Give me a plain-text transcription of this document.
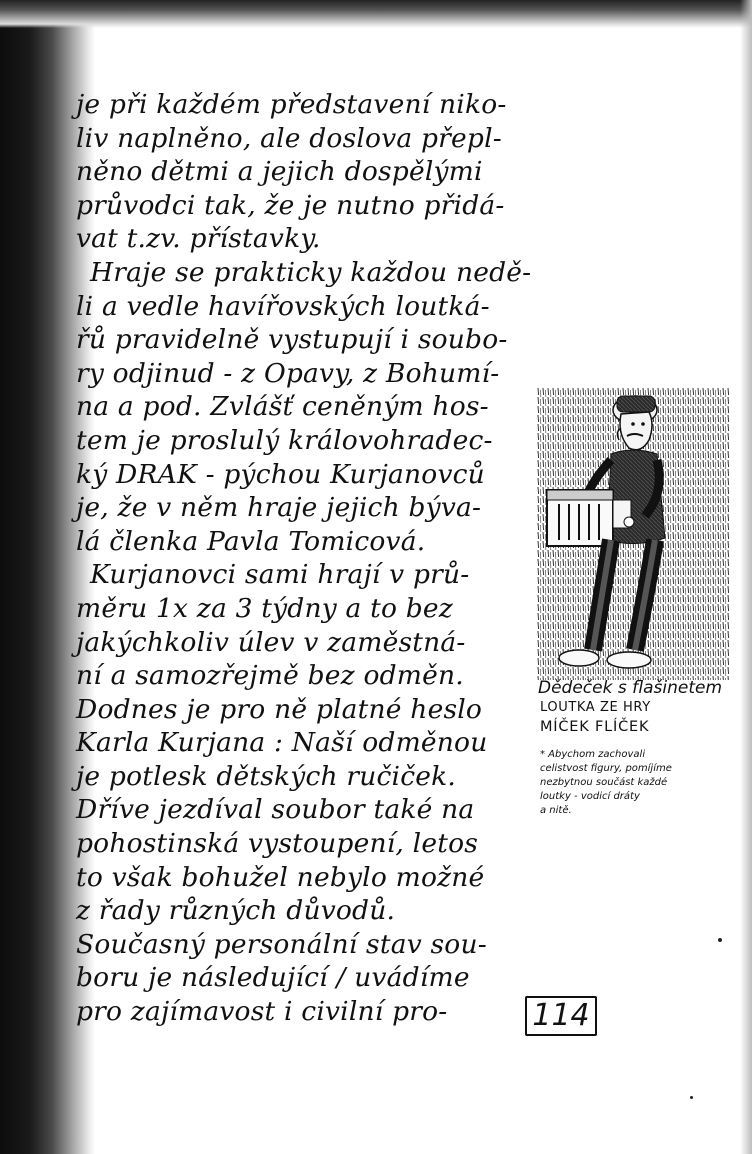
je při každém představení niko-
liv naplněno, ale doslova přepl-
něno dětmi a jejich dospělými
průvodci tak, že je nutno přidá-
vat t.zv. přístavky.
Hraje se prakticky každou nedě-
li a vedle havířovských loutká-
řů pravidelně vystupují i soubo-
ry odjinud - z Opavy, z Bohumí-
na a pod. Zvlášť ceněným hos-
tem je proslulý královohradec-
ký DRAK - pýchou Kurjanovců
je, že v něm hraje jejich býva-
lá členka Pavla Tomicová.
Kurjanovci sami hrají v prů-
měru 1x za 3 týdny a to bez
jakýchkoliv úlev v zaměstná-
ní a samozřejmě bez odměn.
Dodnes je pro ně platné heslo
Karla Kurjana : Naší odměnou
je potlesk dětských ručiček.
Dříve jezdíval soubor také na
pohostinská vystoupení, letos
to však bohužel nebylo možné
z řady různých důvodů.
Současný personální stav sou-
boru je následující / uvádíme
pro zajímavost i civilní pro-
Dědeček s flašinetem
LOUTKA ZE HRY
MÍČEK FLÍČEK
* Abychom zachovali
celistvost figury, pomíjíme
nezbytnou součást každé
loutky - vodicí dráty
a nitě.
114
